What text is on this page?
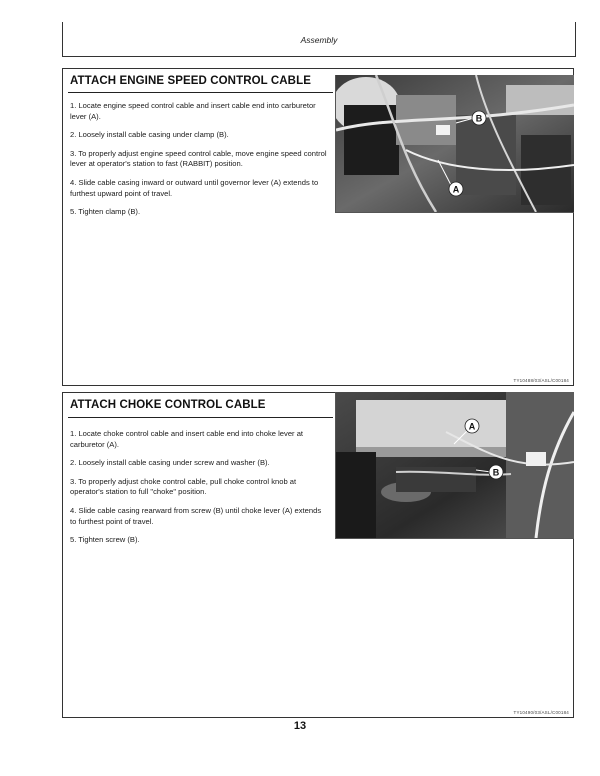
Assembly
ATTACH ENGINE SPEED CONTROL CABLE
1. Locate engine speed control cable and insert cable end into carburetor lever (A).
2. Loosely install cable casing under clamp (B).
3. To properly adjust engine speed control cable, move engine speed control lever at operator's station to fast (RABBIT) position.
4. Slide cable casing inward or outward until governor lever (A) extends to furthest upward point of travel.
5. Tighten clamp (B).
B
A
TY10488/03/ASL/C00184
ATTACH CHOKE CONTROL CABLE
1. Locate choke control cable and insert cable end into choke lever at carburetor (A).
2. Loosely install cable casing under screw and washer (B).
3. To properly adjust choke control cable, pull choke control knob at operator's station to full "choke" position.
4. Slide cable casing rearward from screw (B) until choke lever (A) extends to furthest point of travel.
5. Tighten screw (B).
A
B
TY10490/03/ASL/C00184
13
